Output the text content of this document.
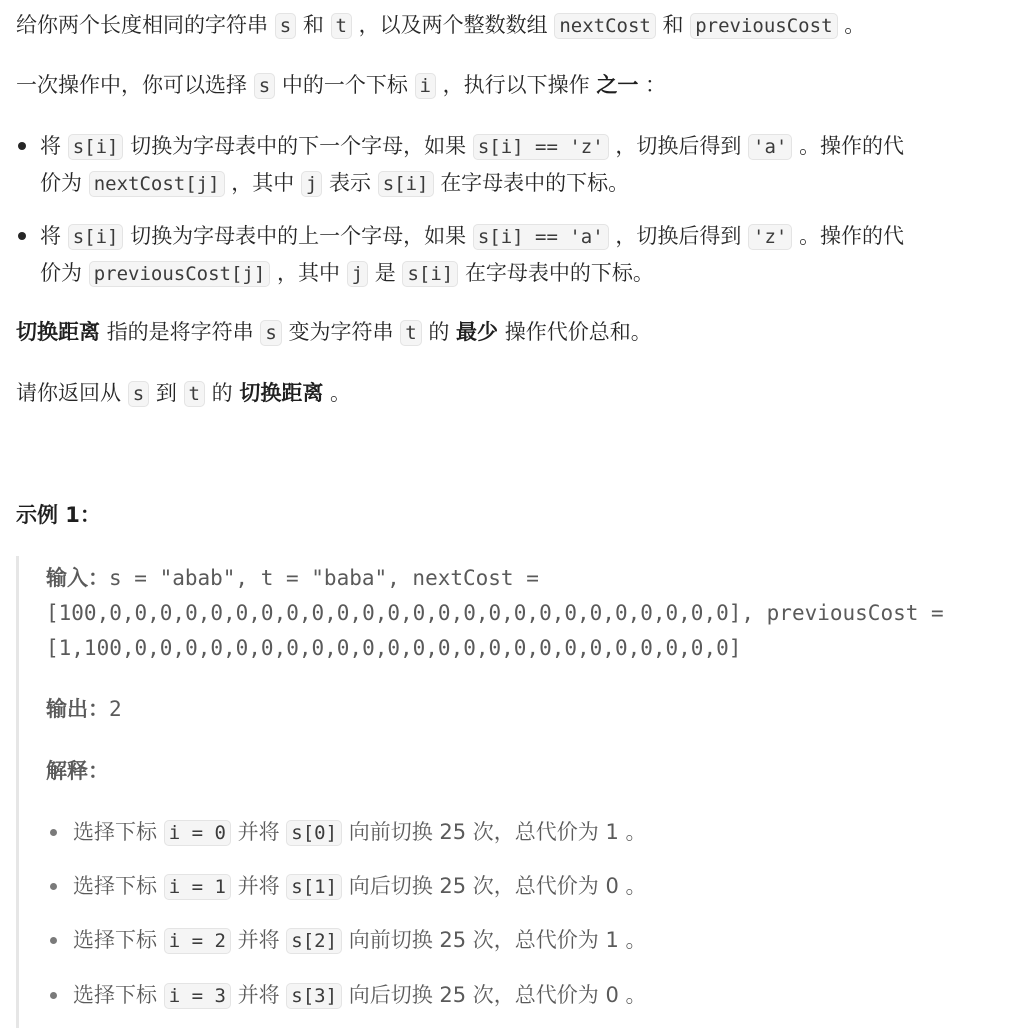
给你两个长度相同的字符串 s 和 t ，以及两个整数数组 nextCost 和 previousCost 。
一次操作中，你可以选择 s 中的一个下标 i ，执行以下操作 之一 ：
将 s[i] 切换为字母表中的下一个字母，如果 s[i] == 'z' ，切换后得到 'a' 。操作的代
价为 nextCost[j] ，其中 j 表示 s[i] 在字母表中的下标。
将 s[i] 切换为字母表中的上一个字母，如果 s[i] == 'a' ，切换后得到 'z' 。操作的代
价为 previousCost[j] ，其中 j 是 s[i] 在字母表中的下标。
切换距离 指的是将字符串 s 变为字符串 t 的 最少 操作代价总和。
请你返回从 s 到 t 的 切换距离 。
示例 1：
输入：s = "abab", t = "baba", nextCost =
[100,0,0,0,0,0,0,0,0,0,0,0,0,0,0,0,0,0,0,0,0,0,0,0,0,0], previousCost =
[1,100,0,0,0,0,0,0,0,0,0,0,0,0,0,0,0,0,0,0,0,0,0,0,0,0]
输出：2
解释：
选择下标 i = 0 并将 s[0] 向前切换 25 次，总代价为 1 。
选择下标 i = 1 并将 s[1] 向后切换 25 次，总代价为 0 。
选择下标 i = 2 并将 s[2] 向前切换 25 次，总代价为 1 。
选择下标 i = 3 并将 s[3] 向后切换 25 次，总代价为 0 。
